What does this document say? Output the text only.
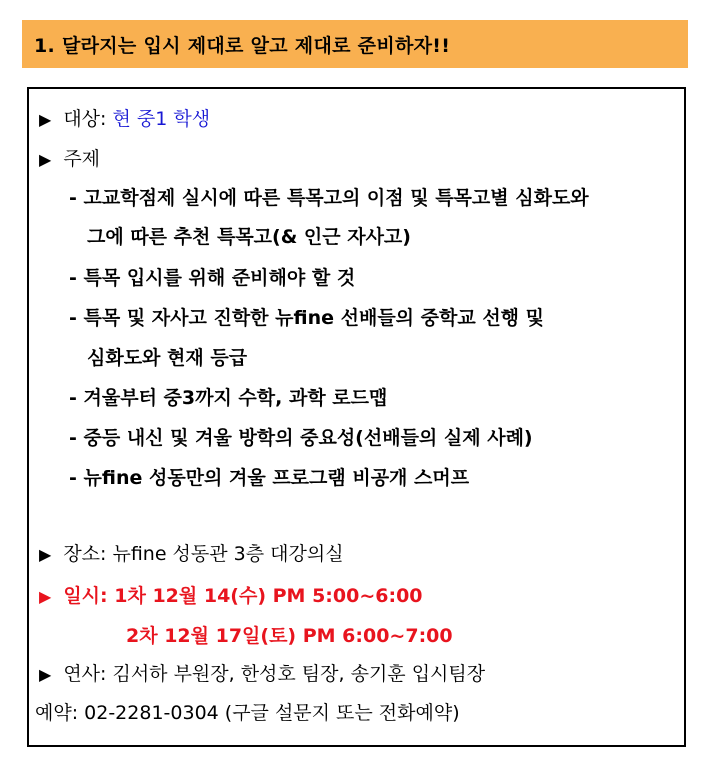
1. 달라지는 입시 제대로 알고 제대로 준비하자!!
▶ 대상: 현 중1 학생
▶ 주제
- 고교학점제 실시에 따른 특목고의 이점 및 특목고별 심화도와
그에 따른 추천 특목고(& 인근 자사고)
- 특목 입시를 위해 준비해야 할 것
- 특목 및 자사고 진학한 뉴fine 선배들의 중학교 선행 및
심화도와 현재 등급
- 겨울부터 중3까지 수학, 과학 로드맵
- 중등 내신 및 겨울 방학의 중요성(선배들의 실제 사례)
- 뉴fine 성동만의 겨울 프로그램 비공개 스머프
▶ 장소: 뉴fine 성동관 3층 대강의실
▶ 일시: 1차 12월 14(수) PM 5:00~6:00
2차 12월 17일(토) PM 6:00~7:00
▶ 연사: 김서하 부원장, 한성호 팀장, 송기훈 입시팀장
예약: 02-2281-0304 (구글 설문지 또는 전화예약)
